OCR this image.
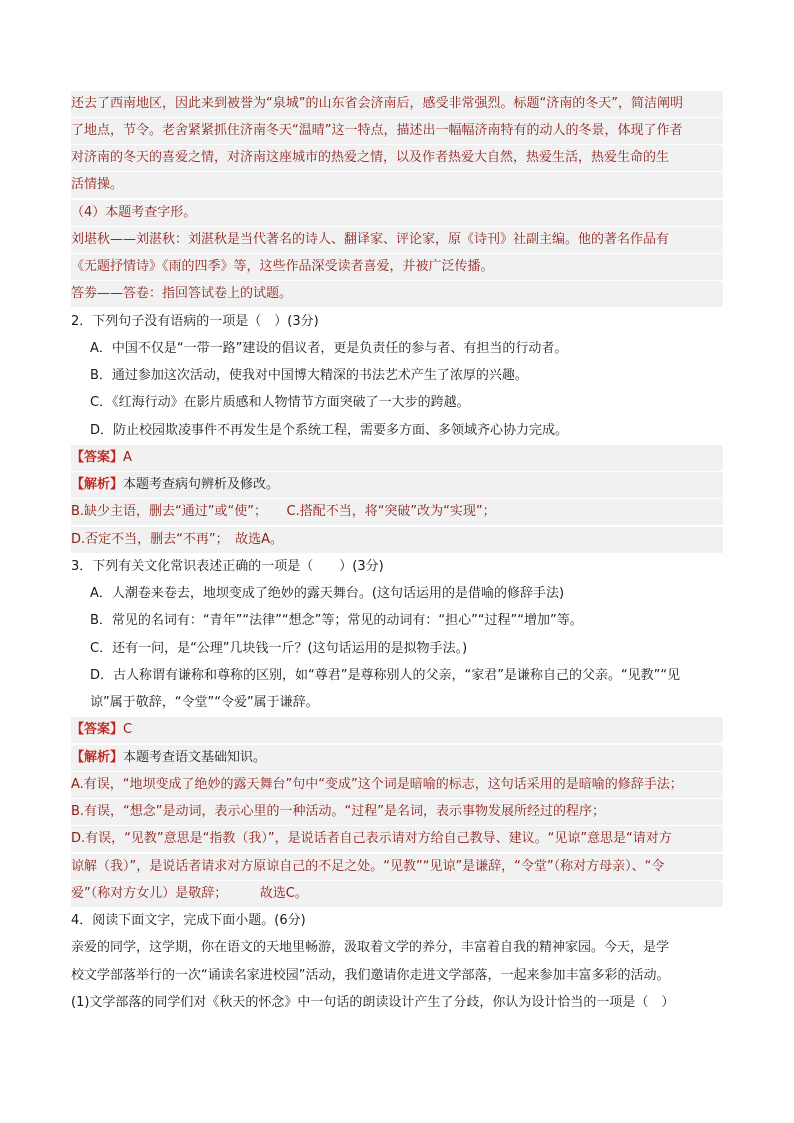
还去了西南地区，因此来到被誉为“泉城”的山东省会济南后，感受非常强烈。标题“济南的冬天”，简洁阐明
了地点，节令。老舍紧紧抓住济南冬天“温晴”这一特点，描述出一幅幅济南特有的动人的冬景，体现了作者
对济南的冬天的喜爱之情，对济南这座城市的热爱之情，以及作者热爱大自然，热爱生活，热爱生命的生
活情操。
（4）本题考查字形。
刘堪秋——刘湛秋：刘湛秋是当代著名的诗人、翻译家、评论家，原《诗刊》社副主编。他的著名作品有
《无题抒情诗》《雨的四季》等，这些作品深受读者喜爱，并被广泛传播。
答劵——答卷：指回答试卷上的试题。
2．下列句子没有语病的一项是（　）(3分)
A．中国不仅是“一带一路”建设的倡议者，更是负责任的参与者、有担当的行动者。
B．通过参加这次活动，使我对中国博大精深的书法艺术产生了浓厚的兴趣。
C．《红海行动》在影片质感和人物情节方面突破了一大步的跨越。
D．防止校园欺凌事件不再发生是个系统工程，需要多方面、多领域齐心协力完成。
【答案】A
【解析】本题考查病句辨析及修改。
B.缺少主语，删去“通过”或“使”；　　C.搭配不当，将“突破”改为“实现”；
D.否定不当，删去“不再”；　故选A。
3．下列有关文化常识表述正确的一项是（　　）(3分)
A．人潮卷来卷去，地坝变成了绝妙的露天舞台。(这句话运用的是借喻的修辞手法)
B．常见的名词有：“青年”“法律”“想念”等；常见的动词有：“担心”“过程”“增加”等。
C．还有一问，是“公理”几块钱一斤？(这句话运用的是拟物手法。)
D．古人称谓有谦称和尊称的区别，如“尊君”是尊称别人的父亲，“家君”是谦称自己的父亲。“见教”“见
谅”属于敬辞，“令堂”“令爱”属于谦辞。
【答案】C
【解析】本题考查语文基础知识。
A.有误，“地坝变成了绝妙的露天舞台”句中“变成”这个词是暗喻的标志，这句话采用的是暗喻的修辞手法；
B.有误，“想念”是动词，表示心里的一种活动。“过程”是名词，表示事物发展所经过的程序；
D.有误，“见教”意思是“指教（我）”，是说话者自己表示请对方给自己教导、建议。“见谅”意思是“请对方
谅解（我）”，是说话者请求对方原谅自己的不足之处。“见教”“见谅”是谦辞，“令堂”（称对方母亲）、“令
爱”（称对方女儿）是敬辞；　　　故选C。
4．阅读下面文字，完成下面小题。(6分)
亲爱的同学，这学期，你在语文的天地里畅游，汲取着文学的养分，丰富着自我的精神家园。今天，是学
校文学部落举行的一次“诵读名家进校园”活动，我们邀请你走进文学部落，一起来参加丰富多彩的活动。
(1)文学部落的同学们对《秋天的怀念》中一句话的朗读设计产生了分歧，你认为设计恰当的一项是（　）
